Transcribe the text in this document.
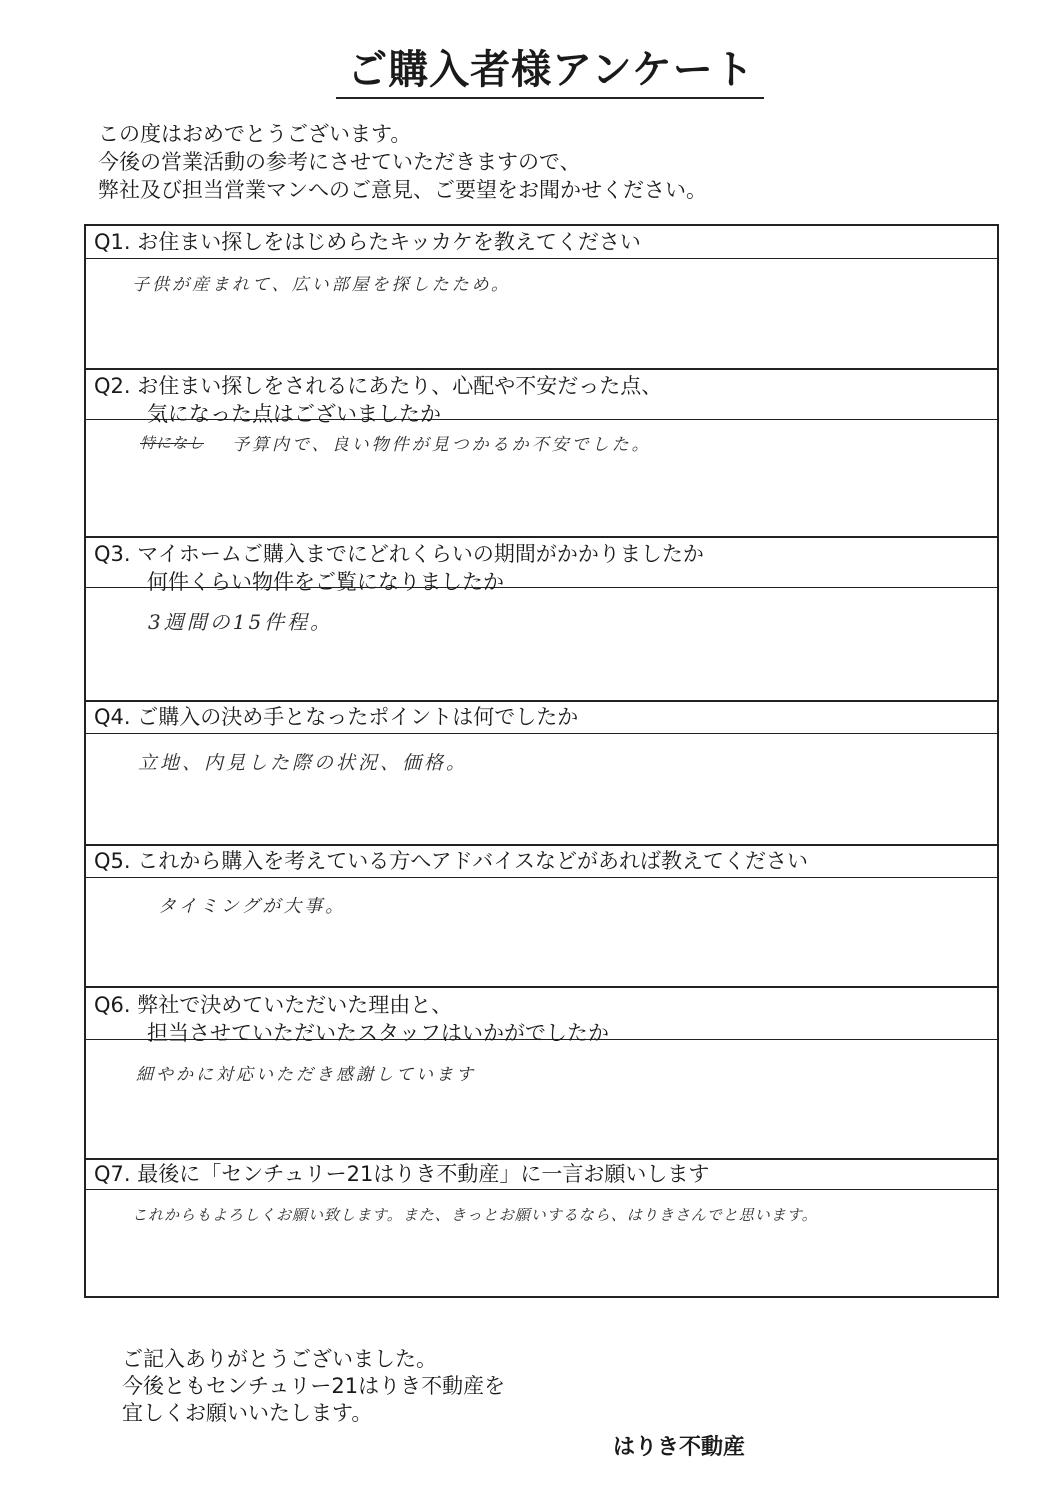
ご購入者様アンケート
この度はおめでとうございます。
今後の営業活動の参考にさせていただきますので、
弊社及び担当営業マンへのご意見、ご要望をお聞かせください。
Q1. お住まい探しをはじめらたキッカケを教えてください
子供が産まれて、広い部屋を探したため。
Q2. お住まい探しをされるにあたり、心配や不安だった点、
気になった点はございましたか
特になし 予算内で、良い物件が見つかるか不安でした。
Q3. マイホームご購入までにどれくらいの期間がかかりましたか
何件くらい物件をご覧になりましたか
3週間の15件程。
Q4. ご購入の決め手となったポイントは何でしたか
立地、内見した際の状況、価格。
Q5. これから購入を考えている方へアドバイスなどがあれば教えてください
タイミングが大事。
Q6. 弊社で決めていただいた理由と、
担当させていただいたスタッフはいかがでしたか
細やかに対応いただき感謝しています
Q7. 最後に「センチュリー21はりき不動産」に一言お願いします
これからもよろしくお願い致します。また、きっとお願いするなら、はりきさんでと思います。
ご記入ありがとうございました。
今後ともセンチュリー21はりき不動産を
宜しくお願いいたします。
はりき不動産
